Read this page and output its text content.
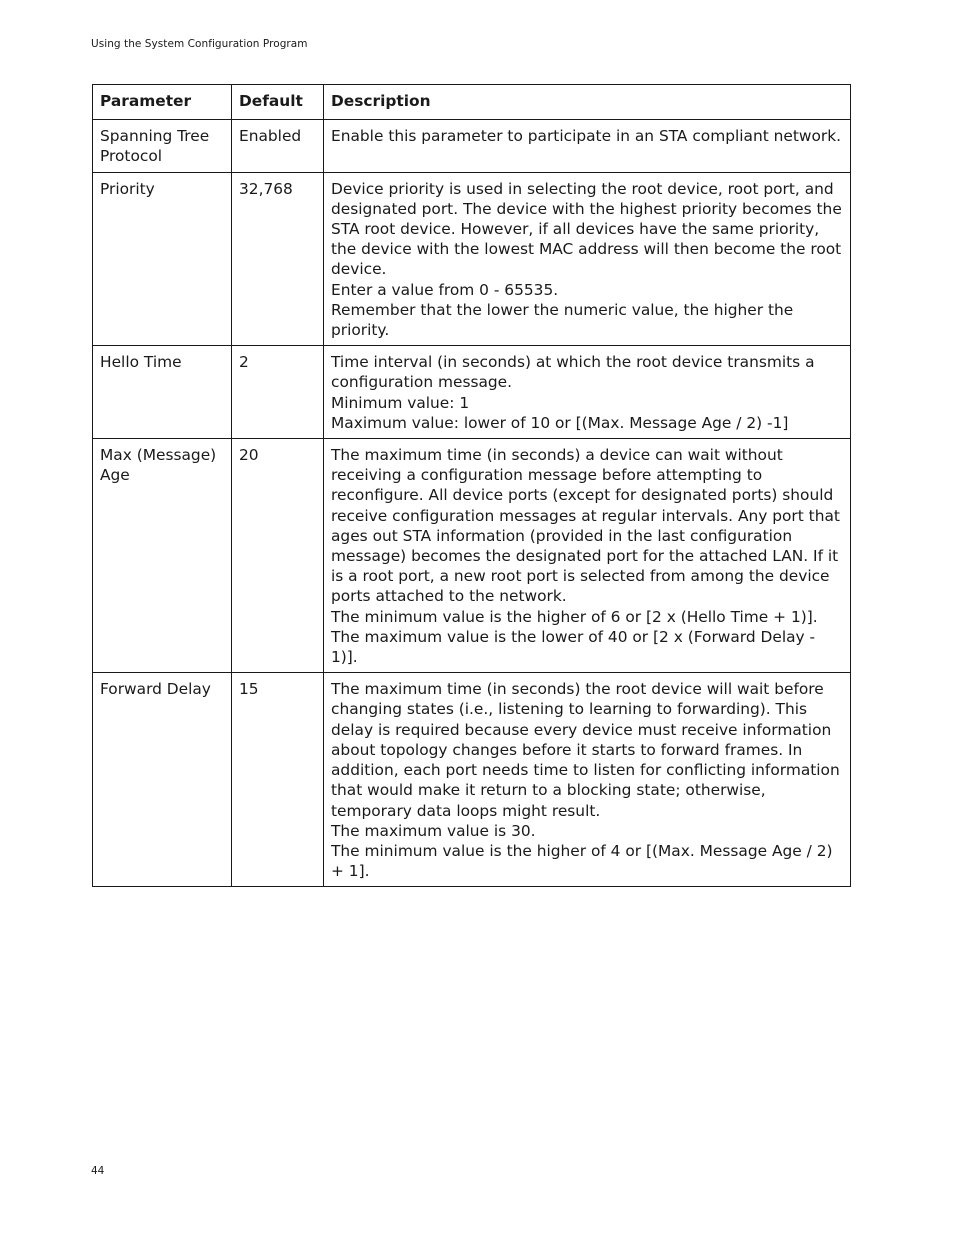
Using the System Configuration Program
Parameter	Default	Description
Spanning Tree Protocol	Enabled	Enable this parameter to participate in an STA compliant network.

Priority	32,768	Device priority is used in selecting the root device, root port, and designated port. The device with the highest priority becomes the STA root device. However, if all devices have the same priority, the device with the lowest MAC address will then become the root device.
Enter a value from 0 - 65535.
Remember that the lower the numeric value, the higher the priority.

Hello Time	2	Time interval (in seconds) at which the root device transmits a configuration message.
Minimum value: 1
Maximum value: lower of 10 or [(Max. Message Age / 2) -1]

Max (Message) Age	20	The maximum time (in seconds) a device can wait without receiving a configuration message before attempting to reconfigure. All device ports (except for designated ports) should receive configuration messages at regular intervals. Any port that ages out STA information (provided in the last configuration message) becomes the designated port for the attached LAN. If it is a root port, a new root port is selected from among the device ports attached to the network.
The minimum value is the higher of 6 or [2 x (Hello Time + 1)].
The maximum value is the lower of 40 or [2 x (Forward Delay - 1)].

Forward Delay	15	The maximum time (in seconds) the root device will wait before changing states (i.e., listening to learning to forwarding). This delay is required because every device must receive information about topology changes before it starts to forward frames. In addition, each port needs time to listen for conflicting information that would make it return to a blocking state; otherwise, temporary data loops might result.
The maximum value is 30.
The minimum value is the higher of 4 or [(Max. Message Age / 2) + 1].
44
